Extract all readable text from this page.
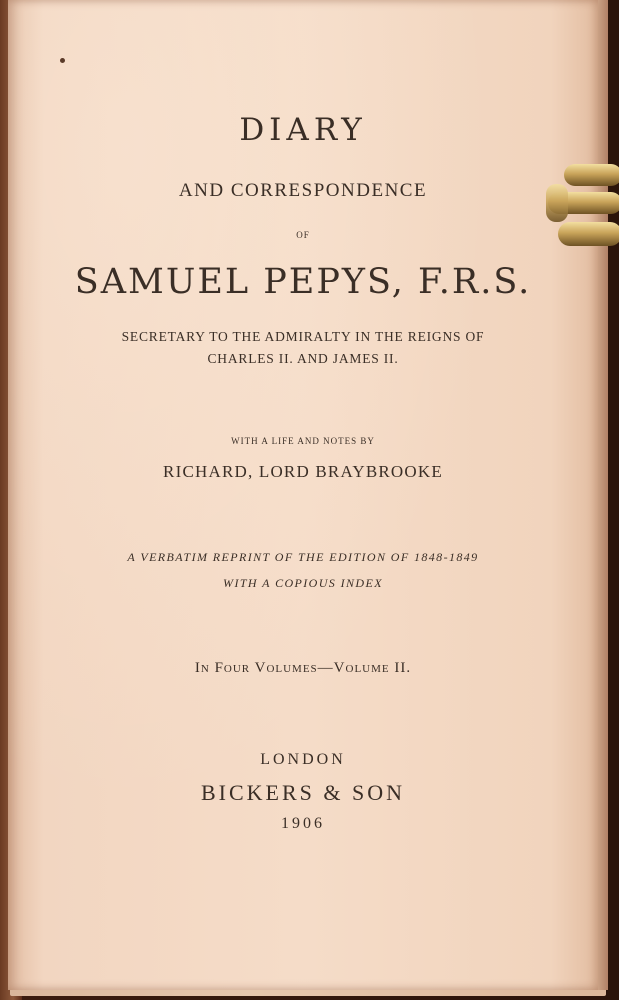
DIARY
AND CORRESPONDENCE
OF
SAMUEL PEPYS, F.R.S.
SECRETARY TO THE ADMIRALTY IN THE REIGNS OF
CHARLES II. AND JAMES II.
WITH A LIFE AND NOTES BY
RICHARD, LORD BRAYBROOKE
A VERBATIM REPRINT OF THE EDITION OF 1848-1849
WITH A COPIOUS INDEX
In Four Volumes—Volume II.
LONDON
BICKERS & SON
1906
